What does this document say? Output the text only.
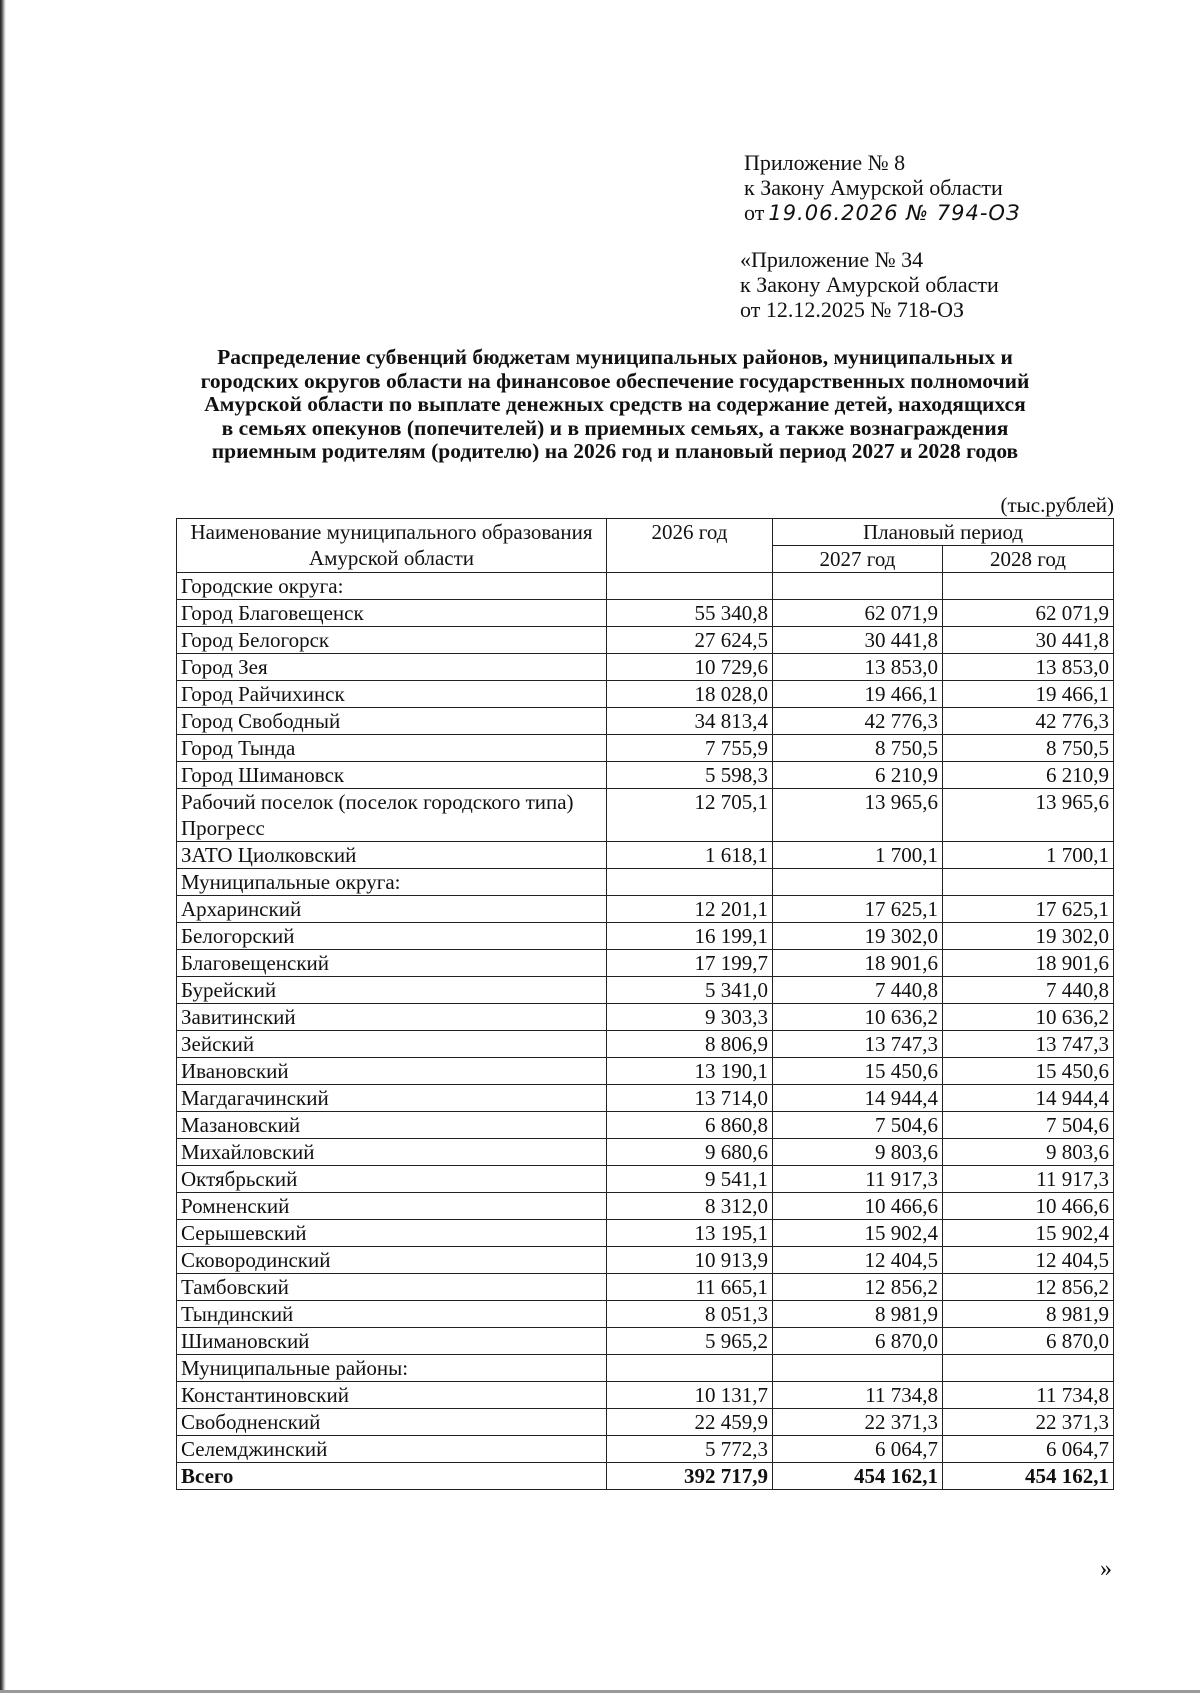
Приложение № 8
к Закону Амурской области
от 19.06.2026 № 794-ОЗ
«Приложение № 34
к Закону Амурской области
от 12.12.2025 № 718-ОЗ
Распределение субвенций бюджетам муниципальных районов, муниципальных и
городских округов области на финансовое обеспечение государственных полномочий
Амурской области по выплате денежных средств на содержание детей, находящихся
в семьях опекунов (попечителей) и в приемных семьях, а также вознаграждения
приемным родителям (родителю) на 2026 год и плановый период 2027 и 2028 годов
(тыс.рублей)
Наименование муниципального образования Амурской области	2026 год	Плановый период	
		2027 год	2028 год
Городские округа:			
Город Благовещенск	55 340,8	62 071,9	62 071,9
Город Белогорск	27 624,5	30 441,8	30 441,8
Город Зея	10 729,6	13 853,0	13 853,0
Город Райчихинск	18 028,0	19 466,1	19 466,1
Город Свободный	34 813,4	42 776,3	42 776,3
Город Тында	7 755,9	8 750,5	8 750,5
Город Шимановск	5 598,3	6 210,9	6 210,9
Рабочий поселок (поселок городского типа) Прогресс	12 705,1	13 965,6	13 965,6
ЗАТО Циолковский	1 618,1	1 700,1	1 700,1
Муниципальные округа:			
Архаринский	12 201,1	17 625,1	17 625,1
Белогорский	16 199,1	19 302,0	19 302,0
Благовещенский	17 199,7	18 901,6	18 901,6
Бурейский	5 341,0	7 440,8	7 440,8
Завитинский	9 303,3	10 636,2	10 636,2
Зейский	8 806,9	13 747,3	13 747,3
Ивановский	13 190,1	15 450,6	15 450,6
Магдагачинский	13 714,0	14 944,4	14 944,4
Мазановский	6 860,8	7 504,6	7 504,6
Михайловский	9 680,6	9 803,6	9 803,6
Октябрьский	9 541,1	11 917,3	11 917,3
Ромненский	8 312,0	10 466,6	10 466,6
Серышевский	13 195,1	15 902,4	15 902,4
Сковородинский	10 913,9	12 404,5	12 404,5
Тамбовский	11 665,1	12 856,2	12 856,2
Тындинский	8 051,3	8 981,9	8 981,9
Шимановский	5 965,2	6 870,0	6 870,0
Муниципальные районы:			
Константиновский	10 131,7	11 734,8	11 734,8
Свободненский	22 459,9	22 371,3	22 371,3
Селемджинский	5 772,3	6 064,7	6 064,7
Всего	392 717,9	454 162,1	454 162,1
»
